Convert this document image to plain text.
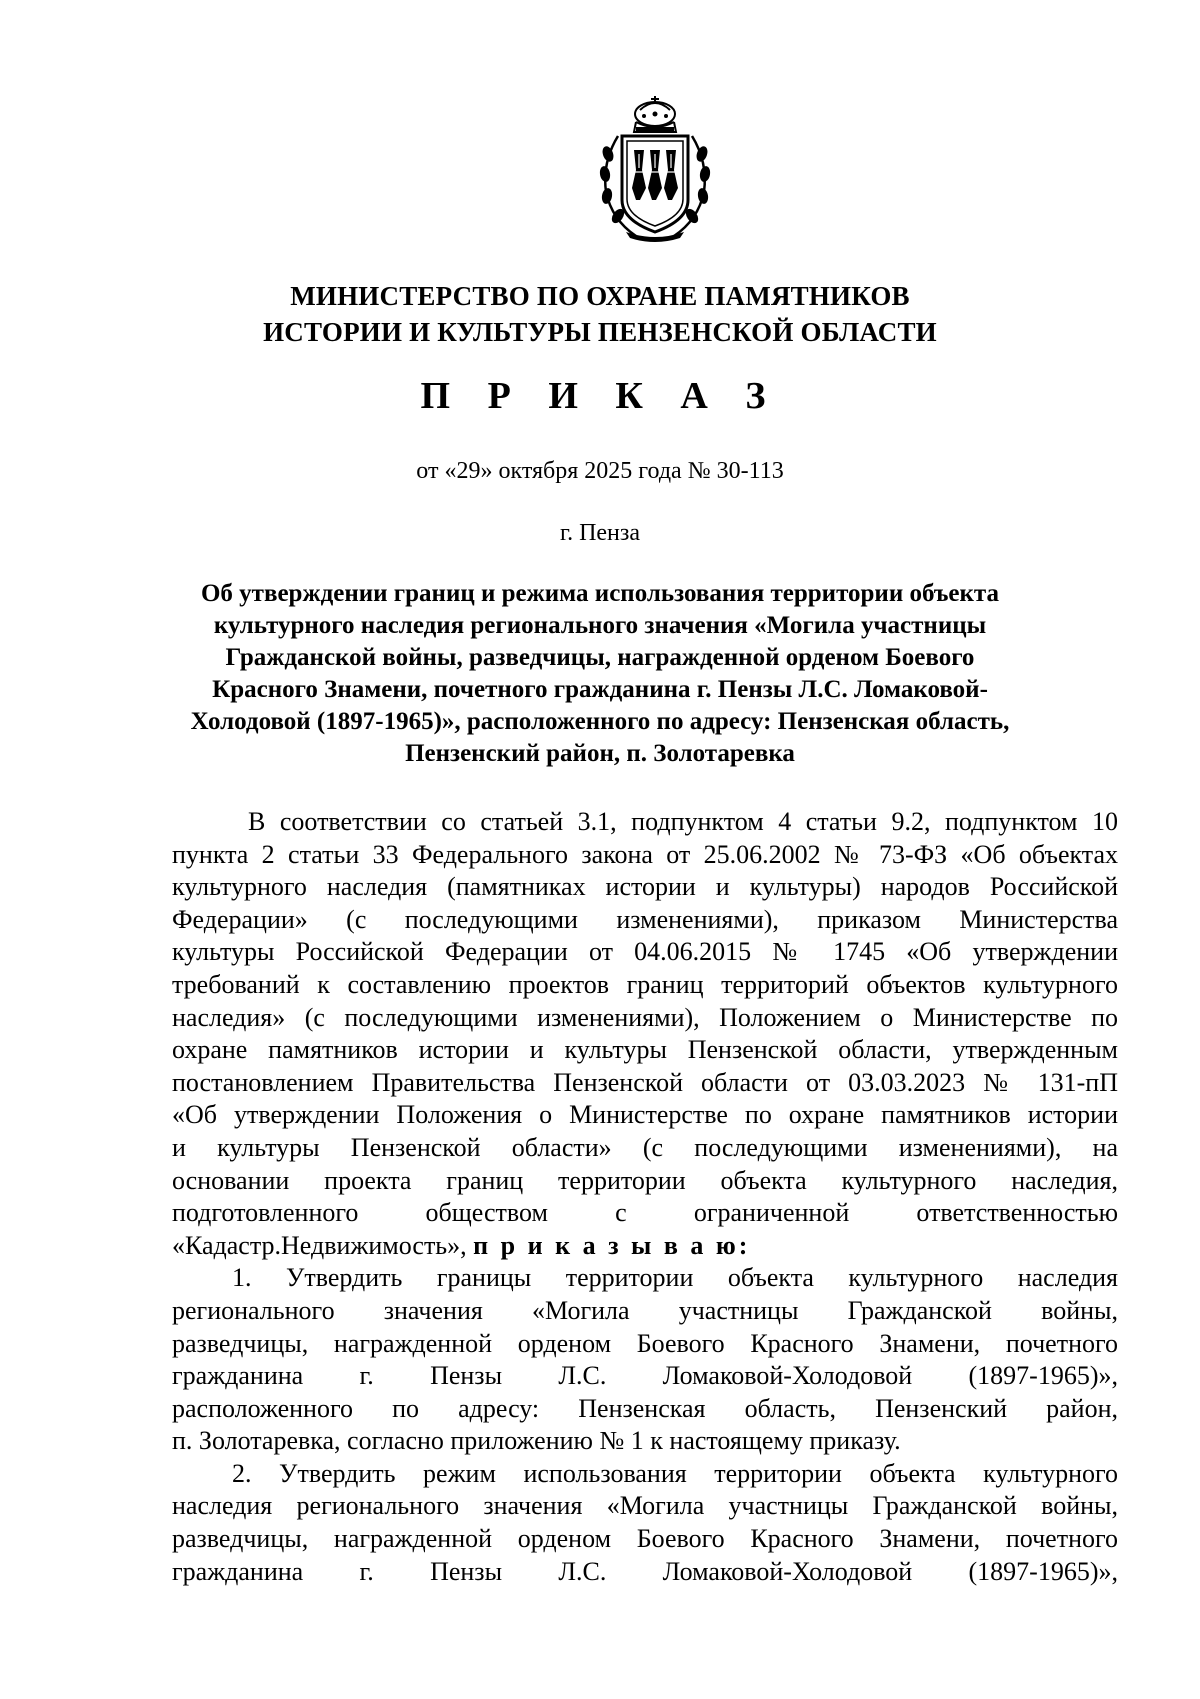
МИНИСТЕРСТВО ПО ОХРАНЕ ПАМЯТНИКОВ
ИСТОРИИ И КУЛЬТУРЫ ПЕНЗЕНСКОЙ ОБЛАСТИ
П Р И К А З
от «29» октября 2025 года № 30-113
г. Пенза
Об утверждении границ и режима использования территории объекта
культурного наследия регионального значения «Могила участницы
Гражданской войны, разведчицы, награжденной орденом Боевого
Красного Знамени, почетного гражданина г. Пензы Л.С. Ломаковой-
Холодовой (1897-1965)», расположенного по адресу: Пензенская область,
Пензенский район, п. Золотаревка
В соответствии со статьей 3.1, подпунктом 4 статьи 9.2, подпунктом 10
пункта 2 статьи 33 Федерального закона от 25.06.2002 № 73-ФЗ «Об объектах
культурного наследия (памятниках истории и культуры) народов Российской
Федерации» (с последующими изменениями), приказом Министерства
культуры Российской Федерации от 04.06.2015 № 1745 «Об утверждении
требований к составлению проектов границ территорий объектов культурного
наследия» (с последующими изменениями), Положением о Министерстве по
охране памятников истории и культуры Пензенской области, утвержденным
постановлением Правительства Пензенской области от 03.03.2023 № 131-пП
«Об утверждении Положения о Министерстве по охране памятников истории
и культуры Пензенской области» (с последующими изменениями), на
основании проекта границ территории объекта культурного наследия,
подготовленного обществом с ограниченной ответственностью
«Кадастр.Недвижимость», п р и к а з ы в а ю:
1. Утвердить границы территории объекта культурного наследия
регионального значения «Могила участницы Гражданской войны,
разведчицы, награжденной орденом Боевого Красного Знамени, почетного
гражданина г. Пензы Л.С. Ломаковой-Холодовой (1897-1965)»,
расположенного по адресу: Пензенская область, Пензенский район,
п. Золотаревка, согласно приложению № 1 к настоящему приказу.
2. Утвердить режим использования территории объекта культурного
наследия регионального значения «Могила участницы Гражданской войны,
разведчицы, награжденной орденом Боевого Красного Знамени, почетного
гражданина г. Пензы Л.С. Ломаковой-Холодовой (1897-1965)»,
